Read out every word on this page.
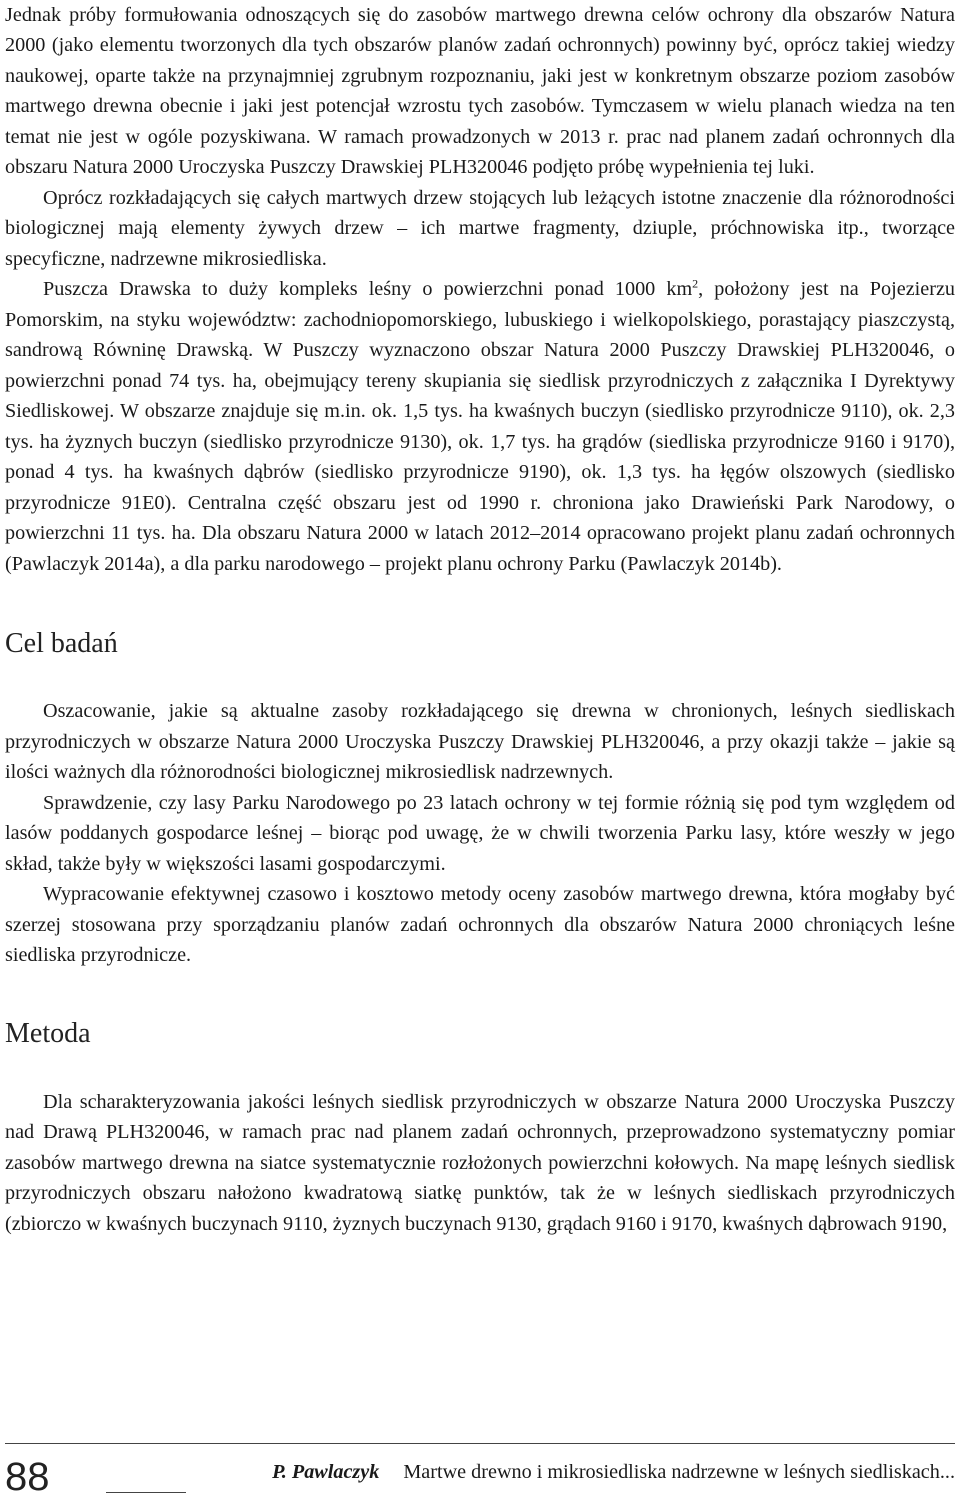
Jednak próby formułowania odnoszących się do zasobów martwego drewna celów ochrony dla obszarów Natura 2000 (jako elementu tworzonych dla tych obszarów planów zadań ochronnych) powinny być, oprócz takiej wiedzy naukowej, oparte także na przynajmniej zgrubnym rozpoznaniu, jaki jest w konkretnym obszarze poziom zasobów martwego drewna obecnie i jaki jest potencjał wzrostu tych zasobów. Tymczasem w wielu planach wiedza na ten temat nie jest w ogóle pozyskiwana. W ramach prowadzonych w 2013 r. prac nad planem zadań ochronnych dla obszaru Natura 2000 Uroczyska Puszczy Drawskiej PLH320046 podjęto próbę wypełnienia tej luki.

Oprócz rozkładających się całych martwych drzew stojących lub leżących istotne znaczenie dla różnorodności biologicznej mają elementy żywych drzew – ich martwe fragmenty, dziuple, próchnowiska itp., tworzące specyficzne, nadrzewne mikrosiedliska.

Puszcza Drawska to duży kompleks leśny o powierzchni ponad 1000 $km^2$, położony jest na Pojezierzu Pomorskim, na styku województw: zachodniopomorskiego, lubuskiego i wielkopolskiego, porastający piaszczystą, sandrową Równinę Drawską. W Puszczy wyznaczono obszar Natura 2000 Puszczy Drawskiej PLH320046, o powierzchni ponad 74 tys. ha, obejmujący tereny skupiania się siedlisk przyrodniczych z załącznika I Dyrektywy Siedliskowej. W obszarze znajduje się m.in. ok. 1,5 tys. ha kwaśnych buczyn (siedlisko przyrodnicze 9110), ok. 2,3 tys. ha żyznych buczyn (siedlisko przyrodnicze 9130), ok. 1,7 tys. ha grądów (siedliska przyrodnicze 9160 i 9170), ponad 4 tys. ha kwaśnych dąbrów (siedlisko przyrodnicze 9190), ok. 1,3 tys. ha łęgów olszowych (siedlisko przyrodnicze 91E0). Centralna część obszaru jest od 1990 r. chroniona jako Drawieński Park Narodowy, o powierzchni 11 tys. ha. Dla obszaru Natura 2000 w latach 2012–2014 opracowano projekt planu zadań ochronnych (Pawlaczyk 2014a), a dla parku narodowego – projekt planu ochrony Parku (Pawlaczyk 2014b).

Cel badań

Oszacowanie, jakie są aktualne zasoby rozkładającego się drewna w chronionych, leśnych siedliskach przyrodniczych w obszarze Natura 2000 Uroczyska Puszczy Drawskiej PLH320046, a przy okazji także – jakie są ilości ważnych dla różnorodności biologicznej mikrosiedlisk nadrzewnych.

Sprawdzenie, czy lasy Parku Narodowego po 23 latach ochrony w tej formie różnią się pod tym względem od lasów poddanych gospodarce leśnej – biorąc pod uwagę, że w chwili tworzenia Parku lasy, które weszły w jego skład, także były w większości lasami gospodarczymi.

Wypracowanie efektywnej czasowo i kosztowo metody oceny zasobów martwego drewna, która mogłaby być szerzej stosowana przy sporządzaniu planów zadań ochronnych dla obszarów Natura 2000 chroniących leśne siedliska przyrodnicze.

Metoda

Dla scharakteryzowania jakości leśnych siedlisk przyrodniczych w obszarze Natura 2000 Uroczyska Puszczy nad Drawą PLH320046, w ramach prac nad planem zadań ochronnych, przeprowadzono systematyczny pomiar zasobów martwego drewna na siatce systematycznie rozłożonych powierzchni kołowych. Na mapę leśnych siedlisk przyrodniczych obszaru nałożono kwadratową siatkę punktów, tak że w leśnych siedliskach przyrodniczych (zbiorczo w kwaśnych buczynach 9110, żyznych buczynach 9130, grądach 9160 i 9170, kwaśnych dąbrowach 9190,

88	P. Pawlaczyk Martwe drewno i mikrosiedliska nadrzewne w leśnych siedliskach...
